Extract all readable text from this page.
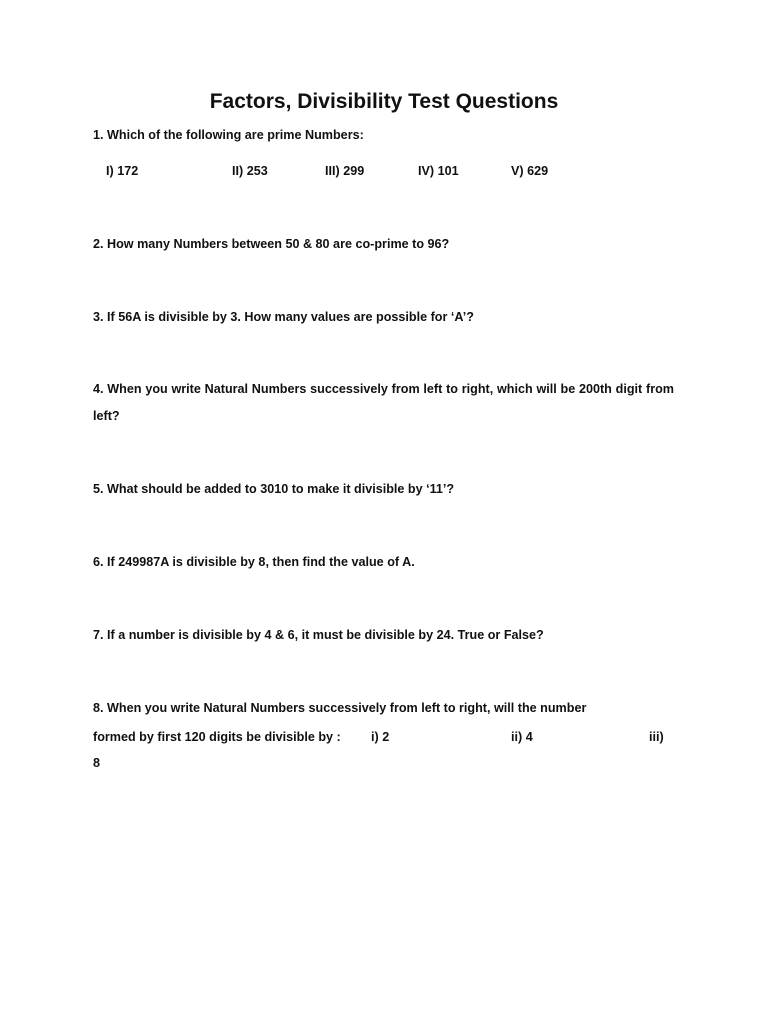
Factors, Divisibility Test Questions
1. Which of the following are prime Numbers:
I) 172	II) 253	III) 299	IV) 101	V) 629
2. How many Numbers between 50 & 80 are co-prime to 96?
3. If 56A is divisible by 3. How many values are possible for ‘A’?
4. When you write Natural Numbers successively from left to right, which will be 200th digit from left?
5. What should be added to 3010 to make it divisible by ‘11’?
6. If 249987A is divisible by 8, then find the value of A.
7. If a number is divisible by 4 & 6, it must be divisible by 24. True or False?
8. When you write Natural Numbers successively from left to right, will the number
formed by first 120 digits be divisible by : i) 2	ii) 4	iii)
8
